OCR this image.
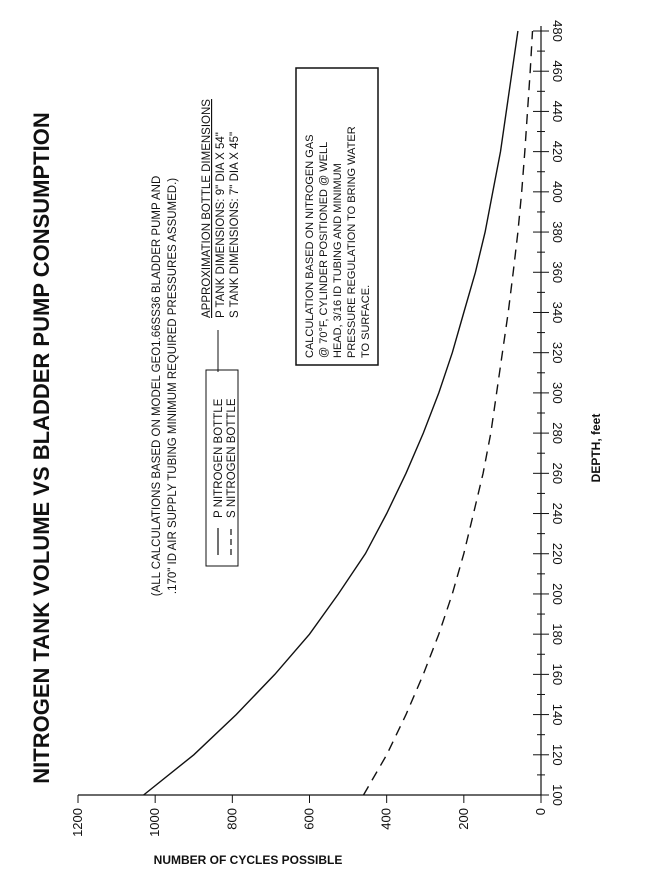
NITROGEN TANK VOLUME VS BLADDER PUMP CONSUMPTION	(ALL CALCULATIONS BASED ON MODEL GEO1.66SS36 BLADDER PUMP AND .170" ID AIR SUPPLY TUBING MINIMUM REQUIRED PRESSURES ASSUMED.)	P NITROGEN BOTTLE S NITROGEN BOTTLE
APPROXIMATION BOTTLE DIMENSIONS P TANK DIMENSIONS: 9" DIA X 54" S TANK DIMENSIONS: 7" DIA X 45"	CALCULATION BASED ON NITROGEN GAS @ 70°F, CYLINDER POSITIONED @ WELL HEAD, 3/16 ID TUBING AND MINIMUM PRESSURE REGULATION TO BRING WATER TO SURFACE.
100
120
140
160
180
200
220
240
260
280
300
320
340
360
380
400
420
440
460
480
0
200
400
600
800
1000
1200
DEPTH, feet
NUMBER OF CYCLES POSSIBLE
